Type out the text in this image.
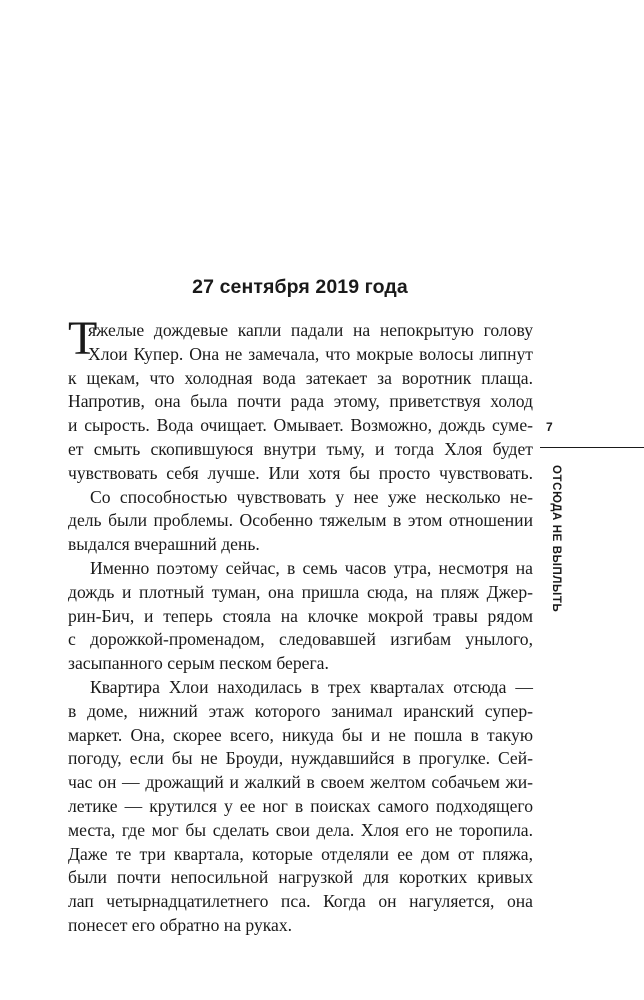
27 сентября 2019 года
Т
яжелые дождевые капли падали на непокрытую голову
Хлои Купер. Она не замечала, что мокрые волосы липнут
к щекам, что холодная вода затекает за воротник плаща.
Напротив, она была почти рада этому, приветствуя холод
и сырость. Вода очищает. Омывает. Возможно, дождь суме-
ет смыть скопившуюся внутри тьму, и тогда Хлоя будет
чувствовать себя лучше. Или хотя бы просто чувствовать.
Со способностью чувствовать у нее уже несколько не-
дель были проблемы. Особенно тяжелым в этом отношении
выдался вчерашний день.
Именно поэтому сейчас, в семь часов утра, несмотря на
дождь и плотный туман, она пришла сюда, на пляж Джер-
рин-Бич, и теперь стояла на клочке мокрой травы рядом
с дорожкой-променадом, следовавшей изгибам унылого,
засыпанного серым песком берега.
Квартира Хлои находилась в трех кварталах отсюда —
в доме, нижний этаж которого занимал иранский супер-
маркет. Она, скорее всего, никуда бы и не пошла в такую
погоду, если бы не Броуди, нуждавшийся в прогулке. Сей-
час он — дрожащий и жалкий в своем желтом собачьем жи-
летике — крутился у ее ног в поисках самого подходящего
места, где мог бы сделать свои дела. Хлоя его не торопила.
Даже те три квартала, которые отделяли ее дом от пляжа,
были почти непосильной нагрузкой для коротких кривых
лап четырнадцатилетнего пса. Когда он нагуляется, она
понесет его обратно на руках.
7
ОТСЮДА НЕ ВЫПЛЫТЬ
